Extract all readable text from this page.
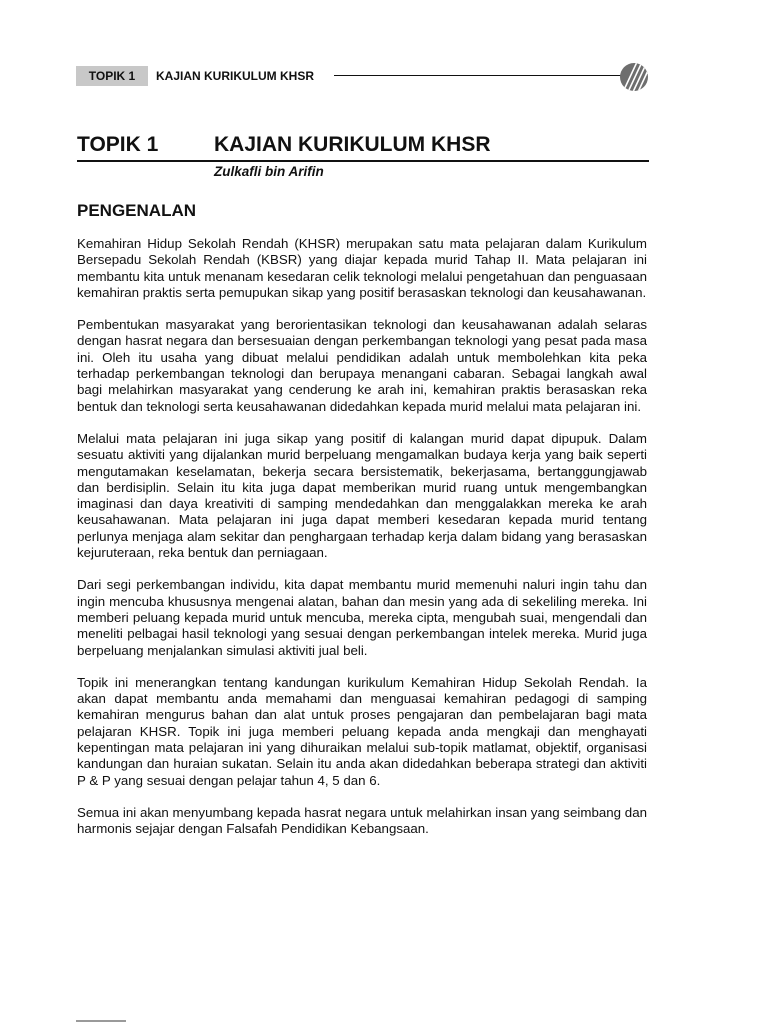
TOPIK 1	KAJIAN KURIKULUM KHSR
TOPIK 1	KAJIAN KURIKULUM KHSR
Zulkafli bin Arifin
PENGENALAN

Kemahiran Hidup Sekolah Rendah (KHSR) merupakan satu mata pelajaran dalam Kurikulum Bersepadu Sekolah Rendah (KBSR) yang diajar kepada murid Tahap II. Mata pelajaran ini membantu kita untuk menanam kesedaran celik teknologi melalui pengetahuan dan penguasaan kemahiran praktis serta pemupukan sikap yang positif berasaskan teknologi dan keusahawanan.

Pembentukan masyarakat yang berorientasikan teknologi dan keusahawanan adalah selaras dengan hasrat negara dan bersesuaian dengan perkembangan teknologi yang pesat pada masa ini. Oleh itu usaha yang dibuat melalui pendidikan adalah untuk membolehkan kita peka terhadap perkembangan teknologi dan berupaya menangani cabaran. Sebagai langkah awal bagi melahirkan masyarakat yang cenderung ke arah ini, kemahiran praktis berasaskan reka bentuk dan teknologi serta keusahawanan didedahkan kepada murid melalui mata pelajaran ini.

Melalui mata pelajaran ini juga sikap yang positif di kalangan murid dapat dipupuk. Dalam sesuatu aktiviti yang dijalankan murid berpeluang mengamalkan budaya kerja yang baik seperti mengutamakan keselamatan, bekerja secara bersistematik, bekerjasama, bertanggungjawab dan berdisiplin. Selain itu kita juga dapat memberikan murid ruang untuk mengembangkan imaginasi dan daya kreativiti di samping mendedahkan dan menggalakkan mereka ke arah keusahawanan. Mata pelajaran ini juga dapat memberi kesedaran kepada murid tentang perlunya menjaga alam sekitar dan penghargaan terhadap kerja dalam bidang yang berasaskan kejuruteraan, reka bentuk dan perniagaan.

Dari segi perkembangan individu, kita dapat membantu murid memenuhi naluri ingin tahu dan ingin mencuba khususnya mengenai alatan, bahan dan mesin yang ada di sekeliling mereka. Ini memberi peluang kepada murid untuk mencuba, mereka cipta, mengubah suai, mengendali dan meneliti pelbagai hasil teknologi yang sesuai dengan perkembangan intelek mereka. Murid juga berpeluang menjalankan simulasi aktiviti jual beli.

Topik ini menerangkan tentang kandungan kurikulum Kemahiran Hidup Sekolah Rendah. Ia akan dapat membantu anda memahami dan menguasai kemahiran pedagogi di samping kemahiran mengurus bahan dan alat untuk proses pengajaran dan pembelajaran bagi mata pelajaran KHSR. Topik ini juga memberi peluang kepada anda mengkaji dan menghayati kepentingan mata pelajaran ini yang dihuraikan melalui sub-topik matlamat, objektif, organisasi kandungan dan huraian sukatan. Selain itu anda akan didedahkan beberapa strategi dan aktiviti P & P yang sesuai dengan pelajar tahun 4, 5 dan 6.

Semua ini akan menyumbang kepada hasrat negara untuk melahirkan insan yang seimbang dan harmonis sejajar dengan Falsafah Pendidikan Kebangsaan.
